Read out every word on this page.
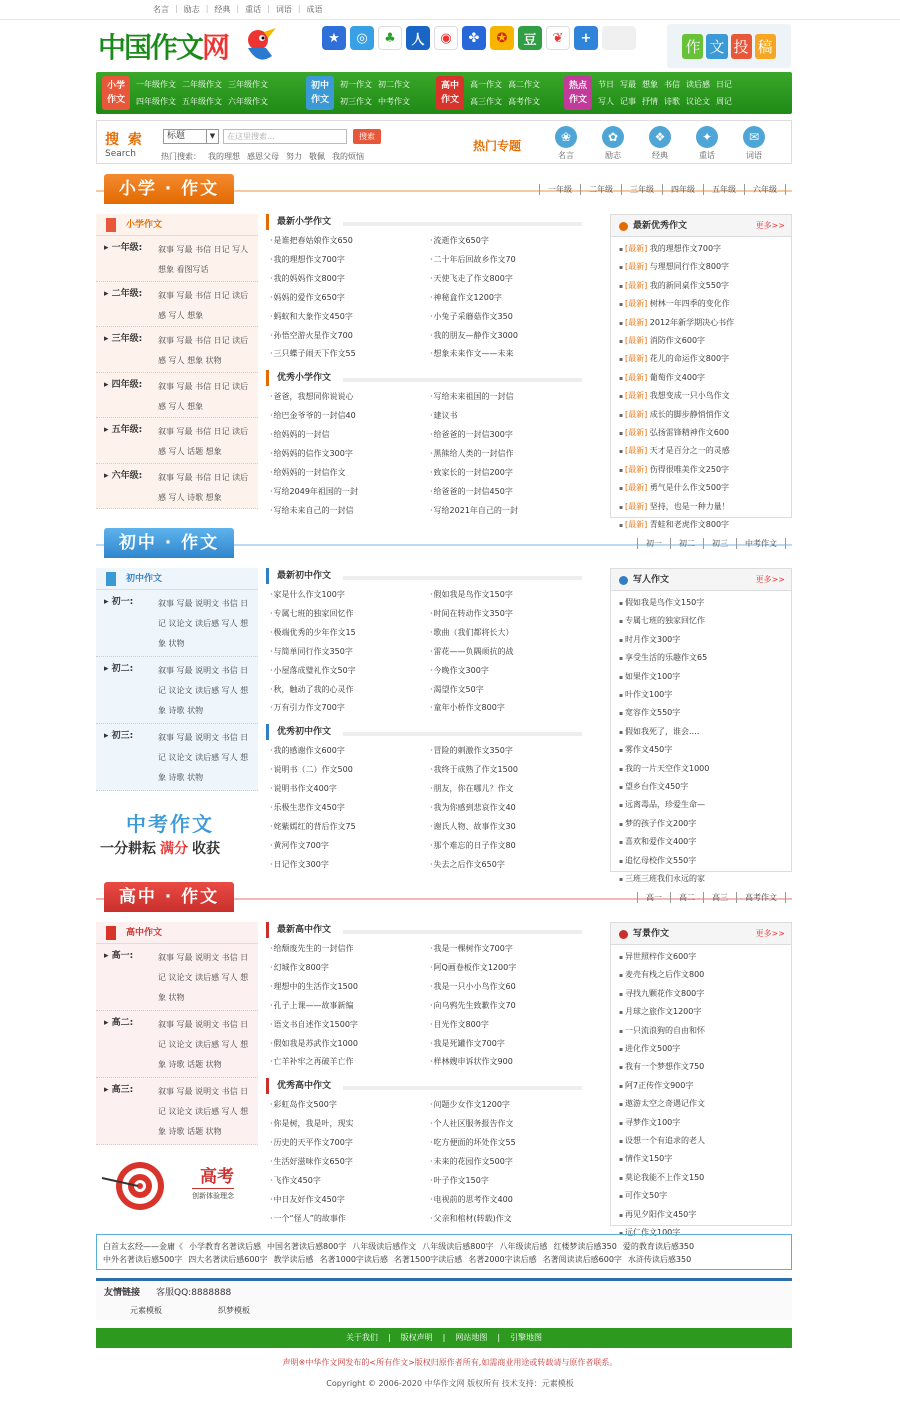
名言 | 励志 | 经典 | 重话 | 词语 | 成语
中国作文网	★	◎	♣	人	◉	✤	✪	豆	❦	+	作 文 投 稿
小学
作文
一年级作文
四年级作文
二年级作文
五年级作文
三年级作文
六年级作文
初中
作文
初一作文
初三作文
初二作文
中考作文
高中
作文
高一作文
高三作文
高二作文
高考作文
热点
作文
节日
写人
写最
记事
想象
抒情
书信
诗歌
读后感
议论文
日记
周记
搜 索
Search
标题	▼	在这里搜索...	搜索
热门搜索： 我的理想 感恩父母 努力 敬佩 我的烦恼
热门专题
❀
名言
✿
励志
❖
经典
✦
重话
✉
词语
小学 · 作文	一年级	二年级	三年级	四年级	五年级	六年级
小学作文
▸ 一年级: 叙事 写最 书信 日记 写人 想象 看图写话
▸ 二年级: 叙事 写最 书信 日记 读后感 写人 想象
▸ 三年级: 叙事 写最 书信 日记 读后感 写人 想象 状物
▸ 四年级: 叙事 写最 书信 日记 读后感 写人 想象
▸ 五年级: 叙事 写最 书信 日记 读后感 写人 话题 想象
▸ 六年级: 叙事 写最 书信 日记 读后感 写人 诗歌 想象
最新小学作文
· 是谁把春姑娘作文650	· 流逝作文650字
· 我的理想作文700字	· 二十年后回故乡作文70
· 我的妈妈作文800字	· 天使飞走了作文800字
· 妈妈的爱作文650字	· 神秘盒作文1200字
· 蚂蚁和大象作文450字	· 小兔子采蘑菇作文350
· 孙悟空游火星作文700	· 我的朋友—静作文3000
· 三只蝶子闹天下作文55	· 想象未来作文——未来
优秀小学作文
· 爸爸，我想同你说说心	· 写给未来祖国的一封信
· 给巴金爷爷的一封信40	· 建议书
· 给妈妈的一封信	· 给爸爸的一封信300字
· 给妈妈的信作文300字	· 黑熊给人类的一封信作
· 给妈妈的一封信作文	· 致家长的一封信200字
· 写给2049年祖国的一封	· 给爸爸的一封信450字
· 写给未来自己的一封信	· 写给2021年自己的一封
最新优秀作文	更多>>
▪ [最新] 我的理想作文700字
▪ [最新] 与理想同行作文800字
▪ [最新] 我的新同桌作文550字
▪ [最新] 树林一年四季的变化作
▪ [最新] 2012年新学期决心书作
▪ [最新] 消防作文600字
▪ [最新] 花儿的命运作文800字
▪ [最新] 葡萄作文400字
▪ [最新] 我想变成一只小鸟作文
▪ [最新] 成长的脚步静悄悄作文
▪ [最新] 弘扬雷锋精神作文600
▪ [最新] 天才是百分之一的灵感
▪ [最新] 伤得很唯美作文250字
▪ [最新] 勇气是什么作文500字
▪ [最新] 坚持，也是一种力量！
▪ [最新] 青蛙和老虎作文800字
初中 · 作文	初一	初二	初三	中考作文
初中作文
▸ 初一:	叙事 写最 说明文 书信 日记 议论文 读后感 写人 想象 状物
▸ 初二:	叙事 写最 说明文 书信 日记 议论文 读后感 写人 想象 诗歌 状物
▸ 初三:	叙事 写最 说明文 书信 日记 议论文 读后感 写人 想象 诗歌 状物
中考作文
一分耕耘 满分 收获
最新初中作文
· 家是什么作文100字	· 假如我是鸟作文150字
· 专属七班的独家回忆作	· 时间在转动作文350字
· 极端优秀的少年作文15	· 歌曲（我们都将长大）
· 与简单同行作文350字	· 雷花——负隅顽抗的战
· 小屋落成璧礼作文50字	· 今晚作文300字
· 秋，触动了我的心灵作	· 渴望作文50字
· 万有引力作文700字	· 童年小桥作文800字
优秀初中作文
· 我的感谢作文600字	· 冒险的刺激作文350字
· 说明书（二）作文500	· 我终于成熟了作文1500
· 说明书作文400字	· 朋友，你在哪儿？作文
· 乐极生悲作文450字	· 我为你感到悲哀作文40
· 姹紫嫣红的背后作文75	· 谢氏人物、故事作文30
· 黄河作文700字	· 那个难忘的日子作文80
· 日记作文300字	· 失去之后作文650字
写人作文	更多>>
▪ 假如我是鸟作文150字
▪ 专属七班的独家回忆作
▪ 时月作文300字
▪ 享受生活的乐趣作文65
▪ 如果作文100字
▪ 叶作文100字
▪ 宽容作文550字
▪ 假如我死了，谁会.…
▪ 雾作文450字
▪ 我的一片天空作文1000
▪ 望乡台作文450字
▪ 远离毒品，珍爱生命—
▪ 梦的孩子作文200字
▪ 喜欢和爱作文400字
▪ 追忆母校作文550字
▪ 三班三班我们永远的家
高中 · 作文	高一	高二	高三	高考作文
高中作文
▸ 高一:	叙事 写最 说明文 书信 日记 议论文 读后感 写人 想象 状物
▸ 高二:	叙事 写最 说明文 书信 日记 议论文 读后感 写人 想象 诗歌 话题 状物
▸ 高三:	叙事 写最 说明文 书信 日记 议论文 读后感 写人 想象 诗歌 话题 状物
高考
创新体验理念
最新高中作文
· 给颓废先生的一封信作	· 我是一棵树作文700字
· 幻城作文800字	· 阿Q画卷板作文1200字
· 理想中的生活作文1500	· 我是一只小小鸟作文60
· 孔子上课——故事新编	· 向乌鸦先生致歉作文70
· 语文书自述作文1500字	· 目光作文800字
· 假如我是苏武作文1000	· 我是死罐作文700字
· 亡羊补牢之再破羊亡作	· 样林嫂申诉状作文900
优秀高中作文
· 彩虹岛作文500字	· 问题少女作文1200字
· 你是树，我是叶，现实	· 个人社区服务报告作文
· 历史的天平作文700字	· 吃方便面的坏处作文55
· 生活好滋味作文650字	· 未来的花园作文500字
· 飞作文450字	· 叶子作文150字
· 中日友好作文450字	· 电视前的思考作文400
· 一个“怪人”的故事作	· 父亲和棺材(转载)作文
写景作文	更多>>
▪ 异世照梓作文600字
▪ 麦壳有栈之后作文800
▪ 寻找九颗花作文800字
▪ 月球之旅作文1200字
▪ 一只流浪狗的自由和怀
▪ 进化作文500字
▪ 我有一个梦想作文750
▪ 阿7正传作文900字
▪ 遨游太空之奇遇记作文
▪ 寻梦作文100字
▪ 设想一个有追求的老人
▪ 情作文150字
▪ 莫论我能不上作文150
▪ 可作文50字
▪ 再见夕阳作文450字
▪ 远仁作文100字
白首太玄经——金庸《 小学教育名著读后感 中国名著读后感800字 八年级读后感作文 八年级读后感800字 八年级读后感 红楼梦读后感350 爱的教育读后感350
中外名著读后感500字 四大名著读后感600字 教学读后感 名著1000字读后感 名著1500字读后感 名著2000字读后感 名著阅读读后感600字 水浒传读后感350
友情链接 客服QQ:8888888
元素模板	织梦模板
关于我们 | 版权声明 | 网站地图 | 引擎地图
声明※中华作文网发布的<所有作文>版权归原作者所有,如需商业用途或转载请与原作者联系。
Copyright © 2006-2020 中华作文网 版权所有 技术支持：元素模板
